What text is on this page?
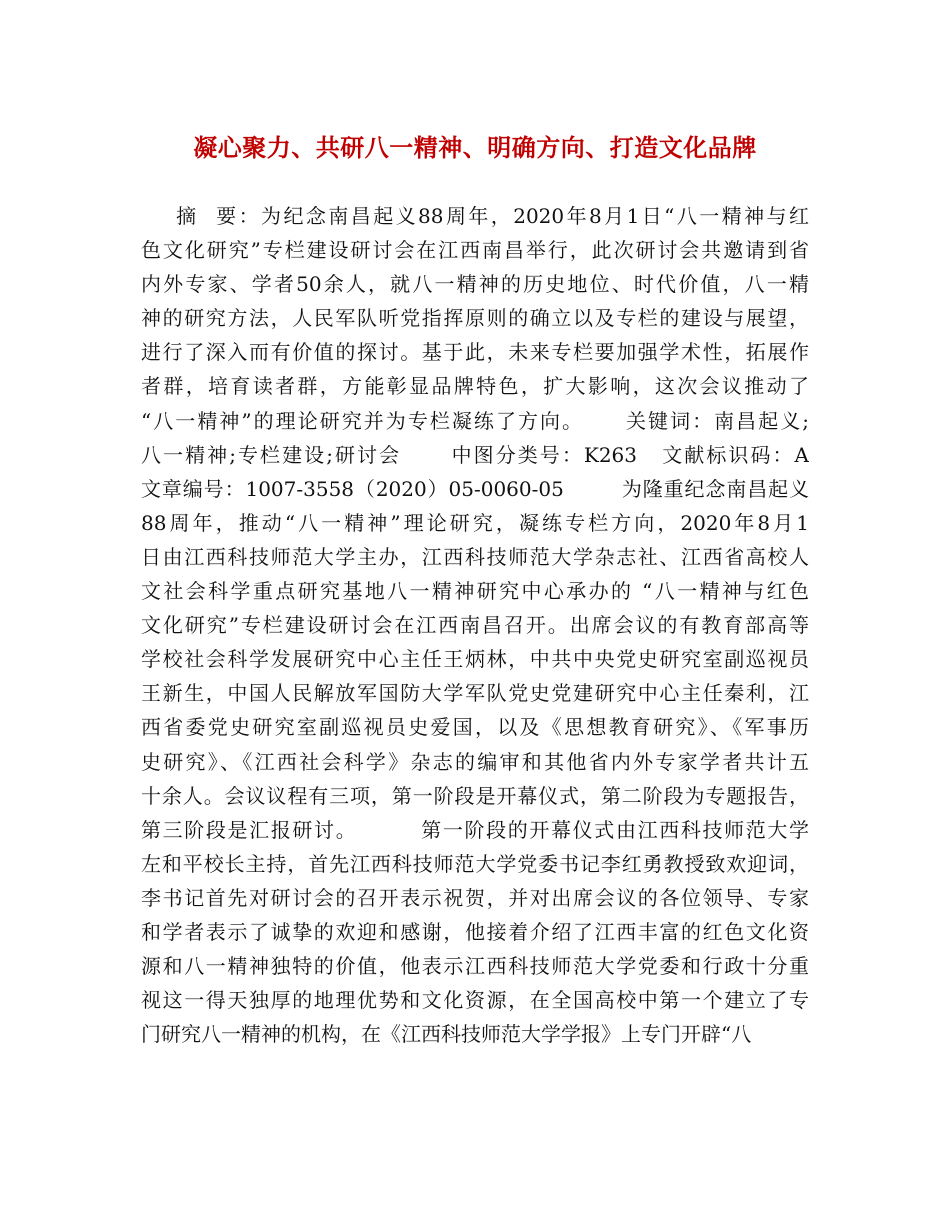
凝心聚力、共研八一精神、明确方向、打造文化品牌
摘  要：为纪念南昌起义88周年，2020年8月1日“八一精神与红
色文化研究”专栏建设研讨会在江西南昌举行，此次研讨会共邀请到省
内外专家、学者50余人，就八一精神的历史地位、时代价值，八一精
神的研究方法，人民军队听党指挥原则的确立以及专栏的建设与展望，
进行了深入而有价值的探讨。基于此，未来专栏要加强学术性，拓展作
者群，培育读者群，方能彰显品牌特色，扩大影响，这次会议推动了
“八一精神”的理论研究并为专栏凝练了方向。     关键词：南昌起义;
八一精神;专栏建设;研讨会      中图分类号：K263   文献标识码：A
文章编号：1007-3558（2020）05-0060-05        为隆重纪念南昌起义
88周年，推动“八一精神”理论研究，凝练专栏方向，2020年8月1
日由江西科技师范大学主办，江西科技师范大学杂志社、江西省高校人
文社会科学重点研究基地八一精神研究中心承办的 “八一精神与红色
文化研究”专栏建设研讨会在江西南昌召开。出席会议的有教育部高等
学校社会科学发展研究中心主任王炳林，中共中央党史研究室副巡视员
王新生，中国人民解放军国防大学军队党史党建研究中心主任秦利，江
西省委党史研究室副巡视员史爱国，以及《思想教育研究》、《军事历
史研究》、《江西社会科学》杂志的编审和其他省内外专家学者共计五
十余人。会议议程有三项，第一阶段是开幕仪式，第二阶段为专题报告，
第三阶段是汇报研讨。        第一阶段的开幕仪式由江西科技师范大学
左和平校长主持，首先江西科技师范大学党委书记李红勇教授致欢迎词，
李书记首先对研讨会的召开表示祝贺，并对出席会议的各位领导、专家
和学者表示了诚挚的欢迎和感谢，他接着介绍了江西丰富的红色文化资
源和八一精神独特的价值，他表示江西科技师范大学党委和行政十分重
视这一得天独厚的地理优势和文化资源，在全国高校中第一个建立了专
门研究八一精神的机构，在《江西科技师范大学学报》上专门开辟“八
